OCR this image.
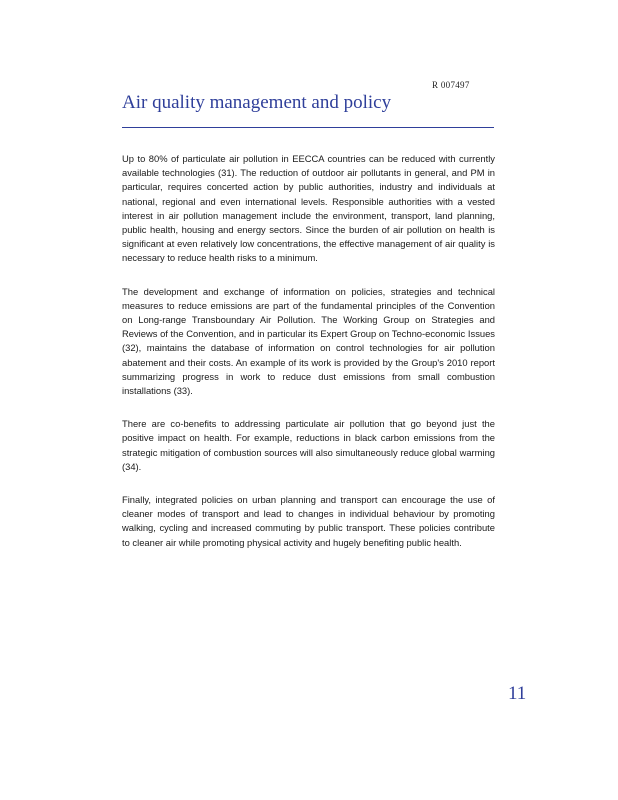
R 007497
Air quality management and policy

Up to 80% of particulate air pollution in EECCA countries can be reduced with currently available technologies (31). The reduction of outdoor air pollutants in general, and PM in particular, requires concerted action by public authorities, industry and individuals at national, regional and even international levels. Responsible authorities with a vested interest in air pollution management include the environment, transport, land planning, public health, housing and energy sectors. Since the burden of air pollution on health is significant at even relatively low concentrations, the effective management of air quality is necessary to reduce health risks to a minimum.

The development and exchange of information on policies, strategies and technical measures to reduce emissions are part of the fundamental principles of the Convention on Long-range Transboundary Air Pollution. The Working Group on Strategies and Reviews of the Convention, and in particular its Expert Group on Techno-economic Issues (32), maintains the database of information on control technologies for air pollution abatement and their costs. An example of its work is provided by the Group's 2010 report summarizing progress in work to reduce dust emissions from small combustion installations (33).

There are co-benefits to addressing particulate air pollution that go beyond just the positive impact on health. For example, reductions in black carbon emissions from the strategic mitigation of combustion sources will also simultaneously reduce global warming (34).

Finally, integrated policies on urban planning and transport can encourage the use of cleaner modes of transport and lead to changes in individual behaviour by promoting walking, cycling and increased commuting by public transport. These policies contribute to cleaner air while promoting physical activity and hugely benefiting public health.

11
